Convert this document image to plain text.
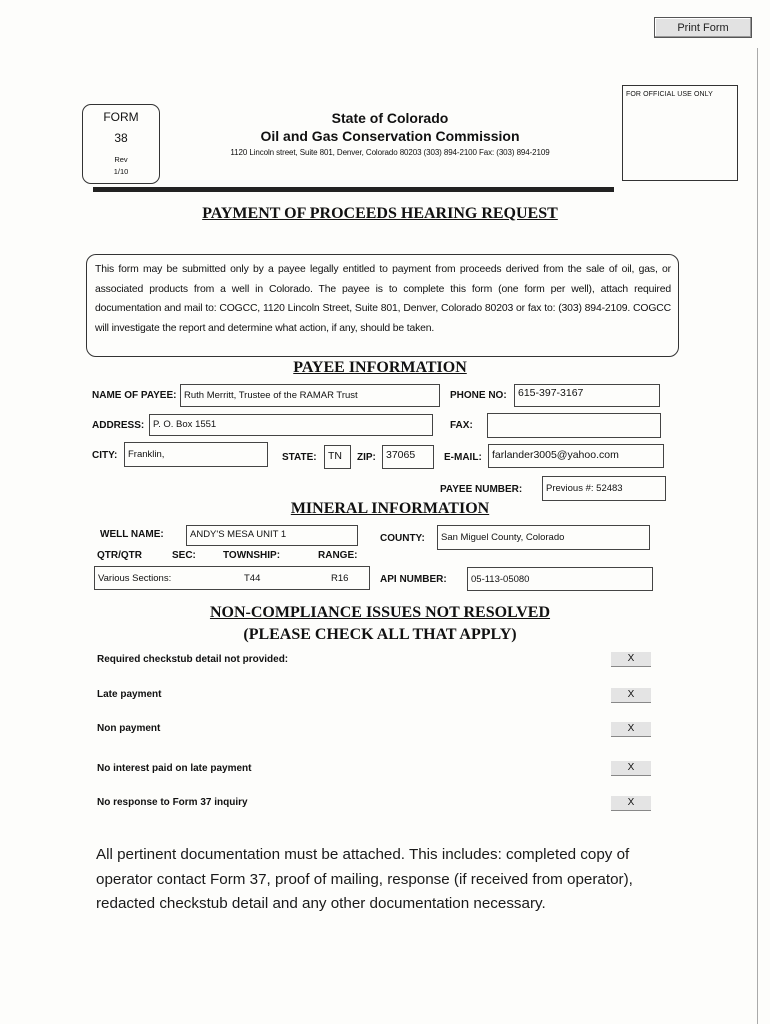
Print Form
FORM
38
Rev
1/10
FOR OFFICIAL USE ONLY
State of Colorado
Oil and Gas Conservation Commission
1120 Lincoln street, Suite 801, Denver, Colorado 80203 (303) 894-2100 Fax: (303) 894-2109
PAYMENT OF PROCEEDS HEARING REQUEST
This form may be submitted only by a payee legally entitled to payment from proceeds derived from the sale of oil, gas, or associated products from a well in Colorado. The payee is to complete this form (one form per well), attach required documentation and mail to: COGCC, 1120 Lincoln Street, Suite 801, Denver, Colorado 80203 or fax to: (303) 894-2109. COGCC will investigate the report and determine what action, if any, should be taken.
PAYEE INFORMATION
NAME OF PAYEE: Ruth Merritt, Trustee of the RAMAR Trust	PHONE NO:	615-397-3167
ADDRESS: P. O. Box 1551	FAX:
CITY:	Franklin,	STATE:	TN	ZIP: 37065	E-MAIL: farlander3005@yahoo.com
PAYEE NUMBER:	Previous #: 52483
MINERAL INFORMATION
WELL NAME:	ANDY'S MESA UNIT 1	COUNTY:	San Miguel County, Colorado
QTR/QTR	SEC:	TOWNSHIP:	RANGE:
Various Sections:	T44	R16	API NUMBER:	05-113-05080
NON-COMPLIANCE ISSUES NOT RESOLVED
(PLEASE CHECK ALL THAT APPLY)
Required checkstub detail not provided:	X
Late payment	X
Non payment	X
No interest paid on late payment	X
No response to Form 37 inquiry	X
All pertinent documentation must be attached. This includes: completed copy of operator contact Form 37, proof of mailing, response (if received from operator), redacted checkstub detail and any other documentation necessary.
